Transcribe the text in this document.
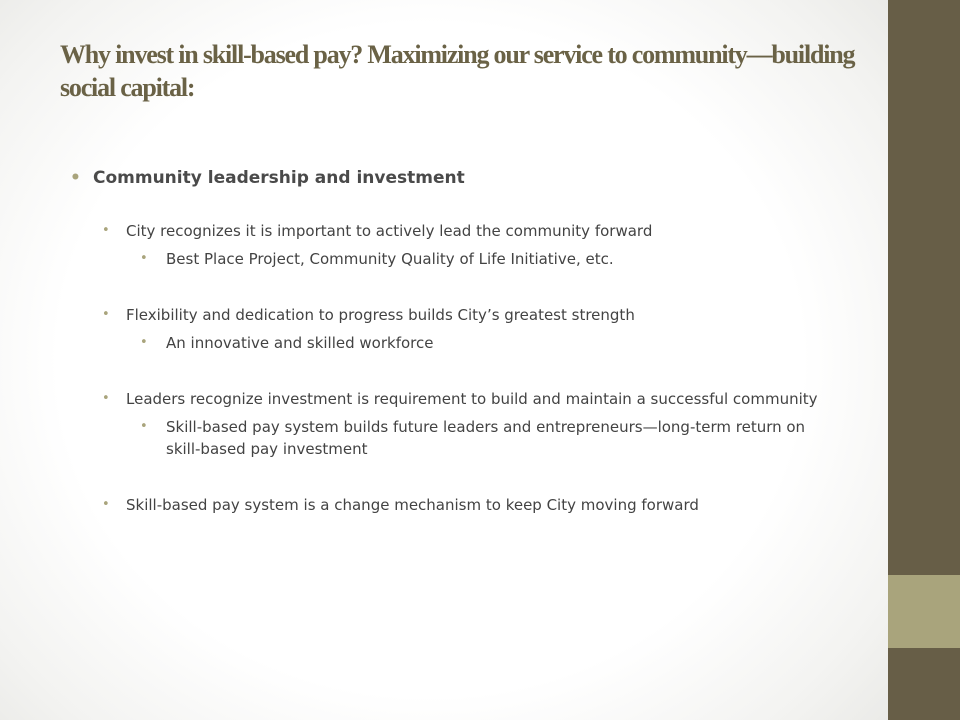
Why invest in skill-based pay? Maximizing our service to community—building social capital:
• Community leadership and investment
• City recognizes it is important to actively lead the community forward
• Best Place Project, Community Quality of Life Initiative, etc.
• Flexibility and dedication to progress builds City’s greatest strength
• An innovative and skilled workforce
• Leaders recognize investment is requirement to build and maintain a successful community
• Skill-based pay system builds future leaders and entrepreneurs—long-term return on skill-based pay investment
• Skill-based pay system is a change mechanism to keep City moving forward
